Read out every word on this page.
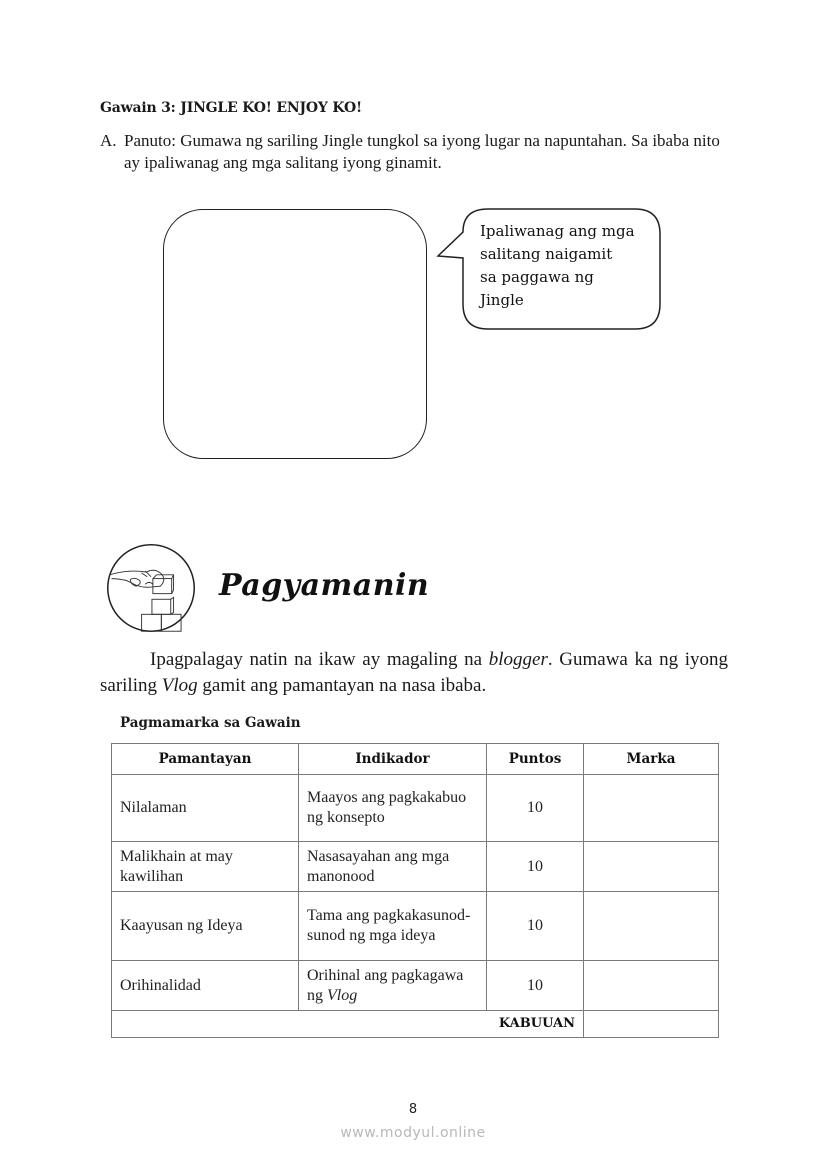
Gawain 3: JINGLE KO! ENJOY KO!
A. Panuto: Gumawa ng sariling Jingle tungkol sa iyong lugar na napuntahan. Sa ibaba nito ay ipaliwanag ang mga salitang iyong ginamit.
Ipaliwanag ang mga
salitang naigamit
sa paggawa ng
Jingle
Pagyamanin
Ipagpalagay natin na ikaw ay magaling na blogger. Gumawa ka ng iyong sariling Vlog gamit ang pamantayan na nasa ibaba.
Pagmamarka sa Gawain
Pamantayan	Indikador	Puntos	Marka
Nilalaman	Maayos ang pagkakabuo ng konsepto	10	
Malikhain at may kawilihan	Nasasayahan ang mga manonood	10	
Kaayusan ng Ideya	Tama ang pagkakasunod-sunod ng mga ideya	10	
Orihinalidad	Orihinal ang pagkagawa ng Vlog	10	
KABUUAN			
8
www.modyul.online
